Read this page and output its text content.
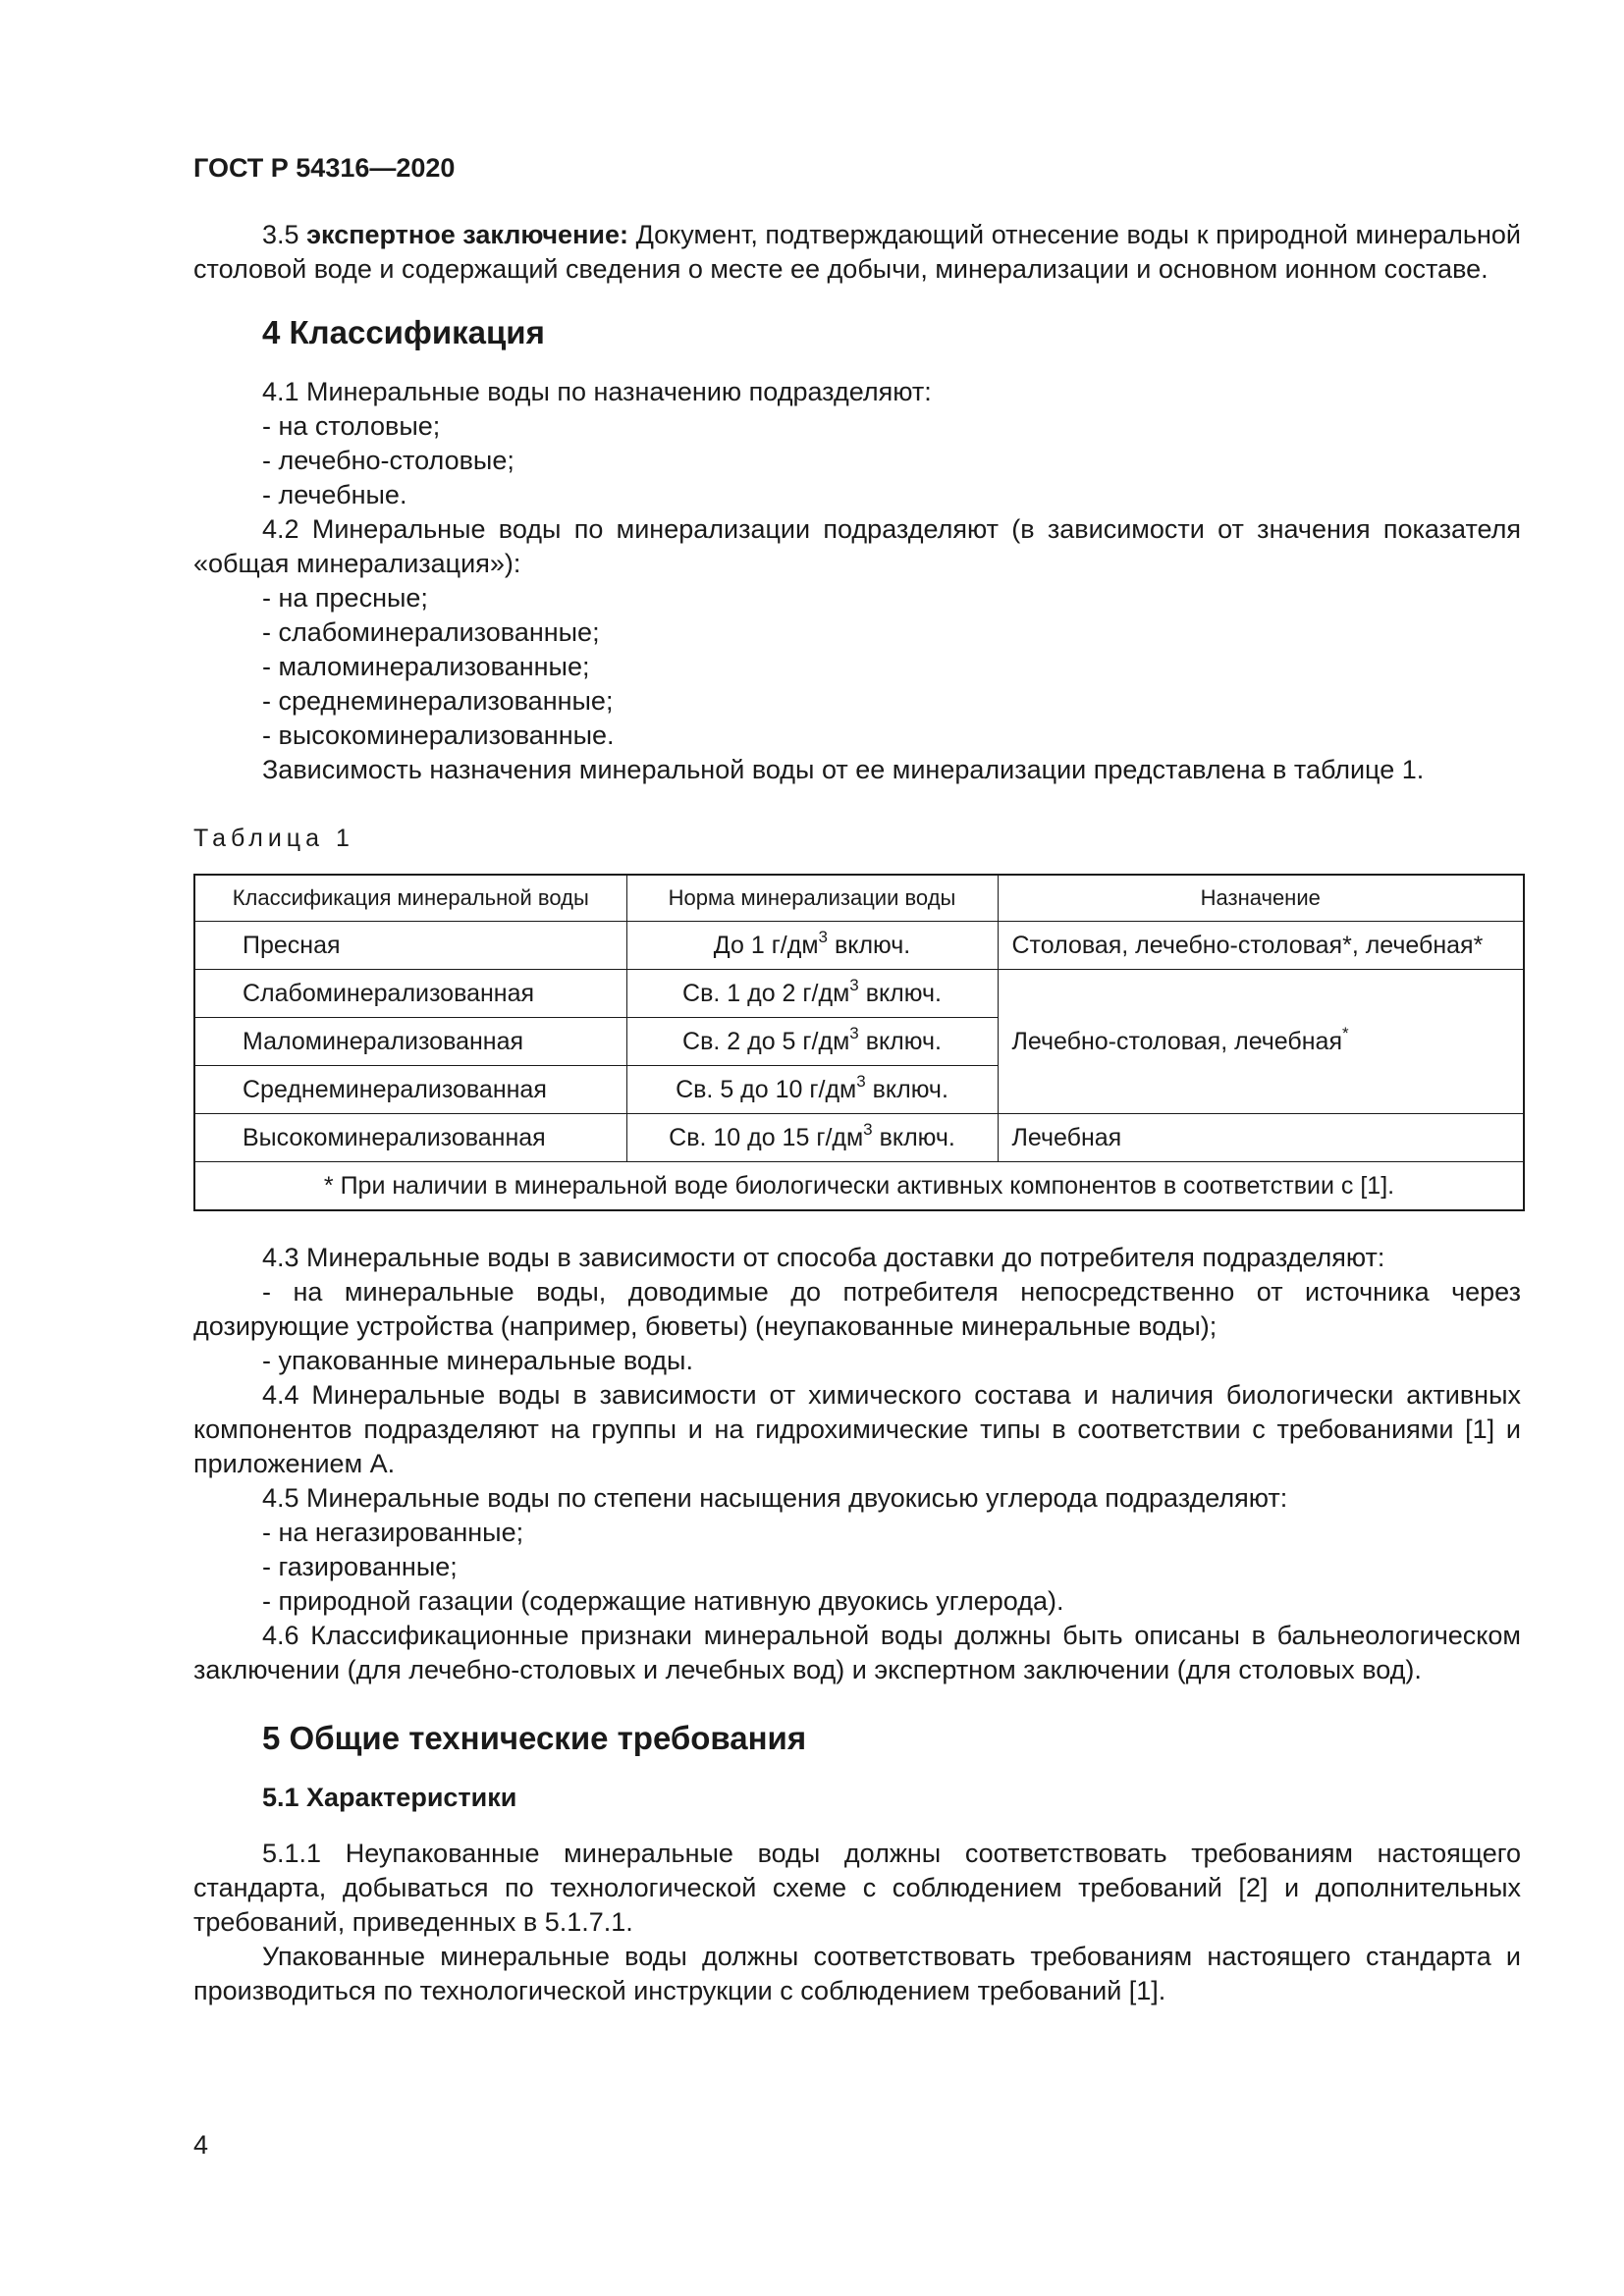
ГОСТ Р 54316—2020

3.5 экспертное заключение: Документ, подтверждающий отнесение воды к природной минеральной столовой воде и содержащий сведения о месте ее добычи, минерализации и основном ионном составе.

4 Классификация

4.1 Минеральные воды по назначению подразделяют:

- на столовые;

- лечебно-столовые;

- лечебные.

4.2 Минеральные воды по минерализации подразделяют (в зависимости от значения показателя «общая минерализация»):

- на пресные;

- слабоминерализованные;

- маломинерализованные;

- среднеминерализованные;

- высокоминерализованные.

Зависимость назначения минеральной воды от ее минерализации представлена в таблице 1.

Таблица 1

Классификация минеральной воды	Норма минерализации воды	Назначение
Пресная	До 1 $г/дм^3$ включ.	Столовая, лечебно-столовая*, лечебная*
Слабоминерализованная	Св. 1 до 2 $г/дм^3$ включ.	Лечебно-столовая, лечебная*
Маломинерализованная	Св. 2 до 5 $г/дм^3$ включ.	
Среднеминерализованная	Св. 5 до 10 $г/дм^3$ включ.	
Высокоминерализованная	Св. 10 до 15 $г/дм^3$ включ.	Лечебная
* При наличии в минеральной воде биологически активных компонентов в соответствии с [1].		

4.3 Минеральные воды в зависимости от способа доставки до потребителя подразделяют:

- на минеральные воды, доводимые до потребителя непосредственно от источника через дозирующие устройства (например, бюветы) (неупакованные минеральные воды);

- упакованные минеральные воды.

4.4 Минеральные воды в зависимости от химического состава и наличия биологически активных компонентов подразделяют на группы и на гидрохимические типы в соответствии с требованиями [1] и приложением А.

4.5 Минеральные воды по степени насыщения двуокисью углерода подразделяют:

- на негазированные;

- газированные;

- природной газации (содержащие нативную двуокись углерода).

4.6 Классификационные признаки минеральной воды должны быть описаны в бальнеологическом заключении (для лечебно-столовых и лечебных вод) и экспертном заключении (для столовых вод).

5 Общие технические требования
5.1 Характеристики

5.1.1 Неупакованные минеральные воды должны соответствовать требованиям настоящего стандарта, добываться по технологической схеме с соблюдением требований [2] и дополнительных требований, приведенных в 5.1.7.1.

Упакованные минеральные воды должны соответствовать требованиям настоящего стандарта и производиться по технологической инструкции с соблюдением требований [1].

4
